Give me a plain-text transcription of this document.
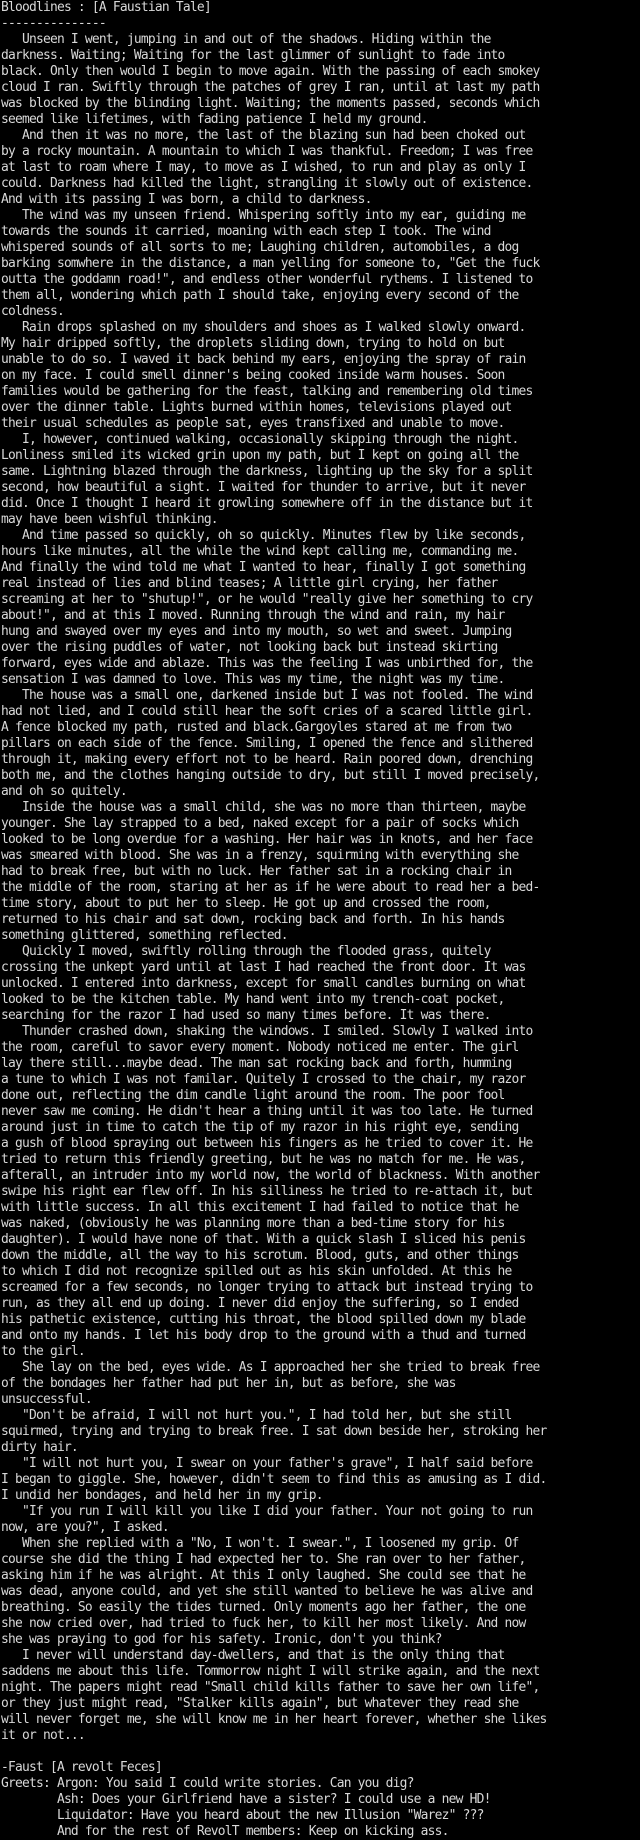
Bloodlines : [A Faustian Tale]
---------------
Unseen I went, jumping in and out of the shadows. Hiding within the
darkness. Waiting; Waiting for the last glimmer of sunlight to fade into
black. Only then would I begin to move again. With the passing of each smokey
cloud I ran. Swiftly through the patches of grey I ran, until at last my path
was blocked by the blinding light. Waiting; the moments passed, seconds which
seemed like lifetimes, with fading patience I held my ground.
And then it was no more, the last of the blazing sun had been choked out
by a rocky mountain. A mountain to which I was thankful. Freedom; I was free
at last to roam where I may, to move as I wished, to run and play as only I
could. Darkness had killed the light, strangling it slowly out of existence.
And with its passing I was born, a child to darkness.
The wind was my unseen friend. Whispering softly into my ear, guiding me
towards the sounds it carried, moaning with each step I took. The wind
whispered sounds of all sorts to me; Laughing children, automobiles, a dog
barking somwhere in the distance, a man yelling for someone to, "Get the fuck
outta the goddamn road!", and endless other wonderful rythems. I listened to
them all, wondering which path I should take, enjoying every second of the
coldness.
Rain drops splashed on my shoulders and shoes as I walked slowly onward.
My hair dripped softly, the droplets sliding down, trying to hold on but
unable to do so. I waved it back behind my ears, enjoying the spray of rain
on my face. I could smell dinner's being cooked inside warm houses. Soon
families would be gathering for the feast, talking and remembering old times
over the dinner table. Lights burned within homes, televisions played out
their usual schedules as people sat, eyes transfixed and unable to move.
I, however, continued walking, occasionally skipping through the night.
Lonliness smiled its wicked grin upon my path, but I kept on going all the
same. Lightning blazed through the darkness, lighting up the sky for a split
second, how beautiful a sight. I waited for thunder to arrive, but it never
did. Once I thought I heard it growling somewhere off in the distance but it
may have been wishful thinking.
And time passed so quickly, oh so quickly. Minutes flew by like seconds,
hours like minutes, all the while the wind kept calling me, commanding me.
And finally the wind told me what I wanted to hear, finally I got something
real instead of lies and blind teases; A little girl crying, her father
screaming at her to "shutup!", or he would "really give her something to cry
about!", and at this I moved. Running through the wind and rain, my hair
hung and swayed over my eyes and into my mouth, so wet and sweet. Jumping
over the rising puddles of water, not looking back but instead skirting
forward, eyes wide and ablaze. This was the feeling I was unbirthed for, the
sensation I was damned to love. This was my time, the night was my time.
The house was a small one, darkened inside but I was not fooled. The wind
had not lied, and I could still hear the soft cries of a scared little girl.
A fence blocked my path, rusted and black.Gargoyles stared at me from two
pillars on each side of the fence. Smiling, I opened the fence and slithered
through it, making every effort not to be heard. Rain poored down, drenching
both me, and the clothes hanging outside to dry, but still I moved precisely,
and oh so quitely.
Inside the house was a small child, she was no more than thirteen, maybe
younger. She lay strapped to a bed, naked except for a pair of socks which
looked to be long overdue for a washing. Her hair was in knots, and her face
was smeared with blood. She was in a frenzy, squirming with everything she
had to break free, but with no luck. Her father sat in a rocking chair in
the middle of the room, staring at her as if he were about to read her a bed-
time story, about to put her to sleep. He got up and crossed the room,
returned to his chair and sat down, rocking back and forth. In his hands
something glittered, something reflected.
Quickly I moved, swiftly rolling through the flooded grass, quitely
crossing the unkept yard until at last I had reached the front door. It was
unlocked. I entered into darkness, except for small candles burning on what
looked to be the kitchen table. My hand went into my trench-coat pocket,
searching for the razor I had used so many times before. It was there.
Thunder crashed down, shaking the windows. I smiled. Slowly I walked into
the room, careful to savor every moment. Nobody noticed me enter. The girl
lay there still...maybe dead. The man sat rocking back and forth, humming
a tune to which I was not familar. Quitely I crossed to the chair, my razor
done out, reflecting the dim candle light around the room. The poor fool
never saw me coming. He didn't hear a thing until it was too late. He turned
around just in time to catch the tip of my razor in his right eye, sending
a gush of blood spraying out between his fingers as he tried to cover it. He
tried to return this friendly greeting, but he was no match for me. He was,
afterall, an intruder into my world now, the world of blackness. With another
swipe his right ear flew off. In his silliness he tried to re-attach it, but
with little success. In all this excitement I had failed to notice that he
was naked, (obviously he was planning more than a bed-time story for his
daughter). I would have none of that. With a quick slash I sliced his penis
down the middle, all the way to his scrotum. Blood, guts, and other things
to which I did not recognize spilled out as his skin unfolded. At this he
screamed for a few seconds, no longer trying to attack but instead trying to
run, as they all end up doing. I never did enjoy the suffering, so I ended
his pathetic existence, cutting his throat, the blood spilled down my blade
and onto my hands. I let his body drop to the ground with a thud and turned
to the girl.
She lay on the bed, eyes wide. As I approached her she tried to break free
of the bondages her father had put her in, but as before, she was
unsuccessful.
"Don't be afraid, I will not hurt you.", I had told her, but she still
squirmed, trying and trying to break free. I sat down beside her, stroking her
dirty hair.
"I will not hurt you, I swear on your father's grave", I half said before
I began to giggle. She, however, didn't seem to find this as amusing as I did.
I undid her bondages, and held her in my grip.
"If you run I will kill you like I did your father. Your not going to run
now, are you?", I asked.
When she replied with a "No, I won't. I swear.", I loosened my grip. Of
course she did the thing I had expected her to. She ran over to her father,
asking him if he was alright. At this I only laughed. She could see that he
was dead, anyone could, and yet she still wanted to believe he was alive and
breathing. So easily the tides turned. Only moments ago her father, the one
she now cried over, had tried to fuck her, to kill her most likely. And now
she was praying to god for his safety. Ironic, don't you think?
I never will understand day-dwellers, and that is the only thing that
saddens me about this life. Tommorrow night I will strike again, and the next
night. The papers might read "Small child kills father to save her own life",
or they just might read, "Stalker kills again", but whatever they read she
will never forget me, she will know me in her heart forever, whether she likes
it or not...
-Faust [A revolt Feces]
Greets: Argon: You said I could write stories. Can you dig?
Ash: Does your Girlfriend have a sister? I could use a new HD!
Liquidator: Have you heard about the new Illusion "Warez" ???
And for the rest of RevolT members: Keep on kicking ass.
